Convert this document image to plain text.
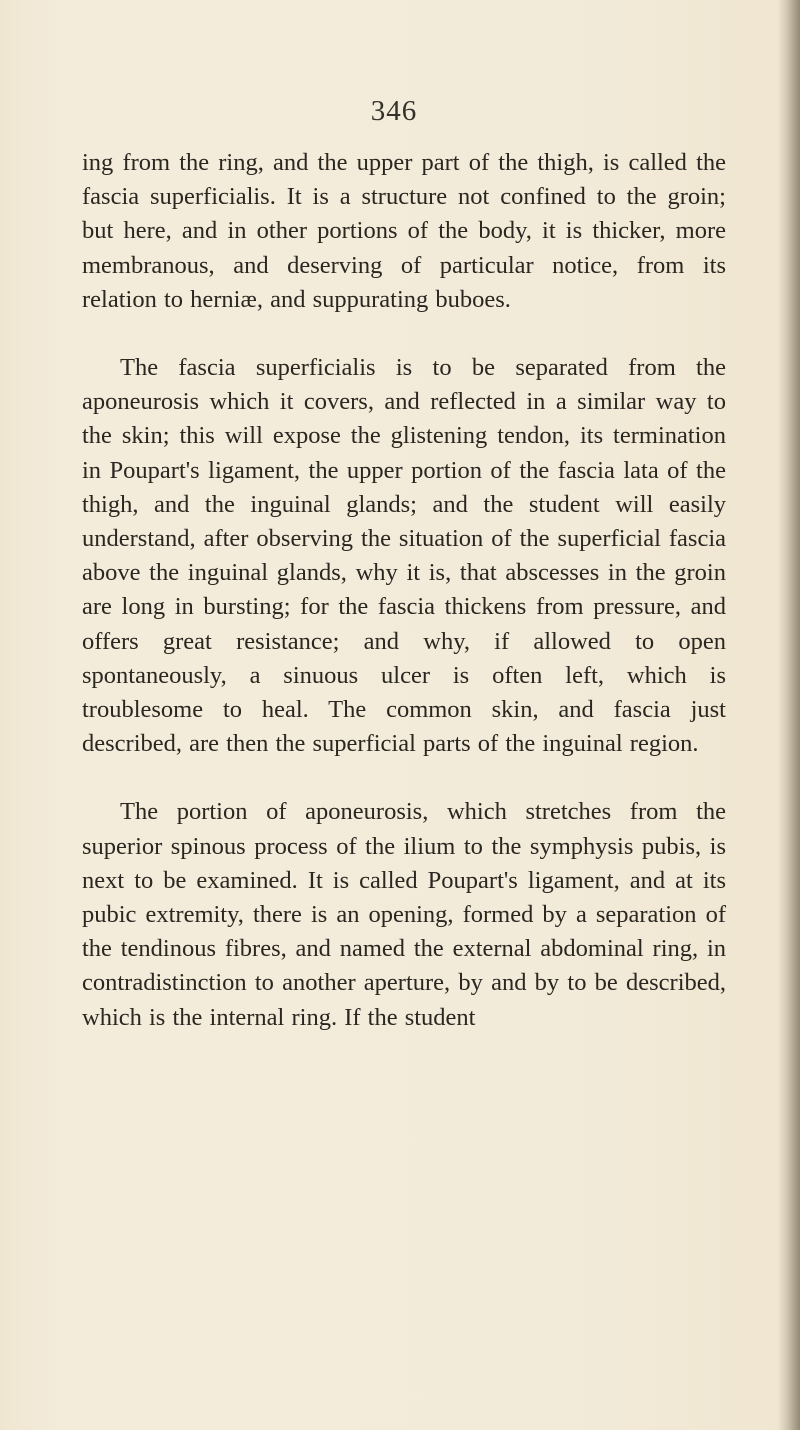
346

ing from the ring, and the upper part of the thigh, is called the fascia superficialis. It is a structure not confined to the groin; but here, and in other portions of the body, it is thicker, more membranous, and deserving of particular notice, from its relation to herniæ, and suppurating buboes.

The fascia superficialis is to be separated from the aponeurosis which it covers, and reflected in a similar way to the skin; this will expose the glistening tendon, its termination in Poupart's ligament, the upper portion of the fascia lata of the thigh, and the inguinal glands; and the student will easily understand, after observing the situation of the superficial fascia above the inguinal glands, why it is, that abscesses in the groin are long in bursting; for the fascia thickens from pressure, and offers great resistance; and why, if allowed to open spontaneously, a sinuous ulcer is often left, which is troublesome to heal. The common skin, and fascia just described, are then the superficial parts of the inguinal region.

The portion of aponeurosis, which stretches from the superior spinous process of the ilium to the symphysis pubis, is next to be examined. It is called Poupart's ligament, and at its pubic extremity, there is an opening, formed by a separation of the tendinous fibres, and named the external abdominal ring, in contradistinction to another aperture, by and by to be described, which is the internal ring. If the student
